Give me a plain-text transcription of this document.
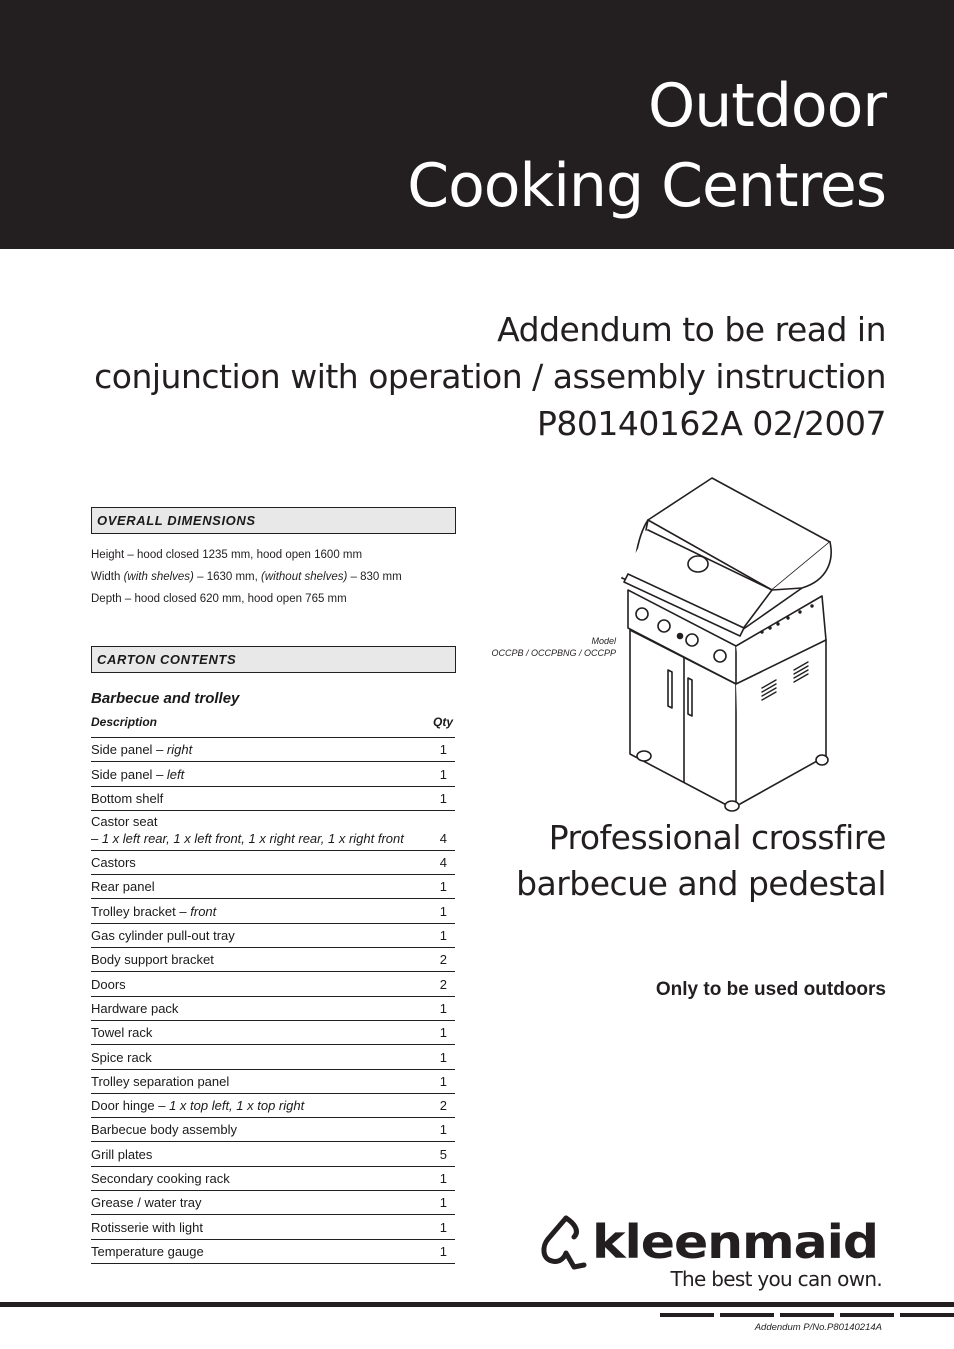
Outdoor
Cooking Centres
Addendum to be read in
conjunction with operation / assembly instruction
P80140162A 02/2007
OVERALL DIMENSIONS
Height – hood closed 1235 mm, hood open 1600 mm
Width (with shelves) – 1630 mm, (without shelves) – 830 mm
Depth – hood closed 620 mm, hood open 765 mm
CARTON CONTENTS
Barbecue and trolley
Description	Qty
Side panel – right	1
Side panel – left	1
Bottom shelf	1
Castor seat
– 1 x left rear, 1 x left front, 1 x right rear, 1 x right front	4
Castors	4
Rear panel	1
Trolley bracket – front	1
Gas cylinder pull-out tray	1
Body support bracket	2
Doors	2
Hardware pack	1
Towel rack	1
Spice rack	1
Trolley separation panel	1
Door hinge – 1 x top left, 1 x top right	2
Barbecue body assembly	1
Grill plates	5
Secondary cooking rack	1
Grease / water tray	1
Rotisserie with light	1
Temperature gauge	1
Model
OCCPB / OCCPBNG / OCCPP
Professional crossfire
barbecue and pedestal
Only to be used outdoors
kleenmaid
The best you can own.
Addendum P/No.P80140214A
